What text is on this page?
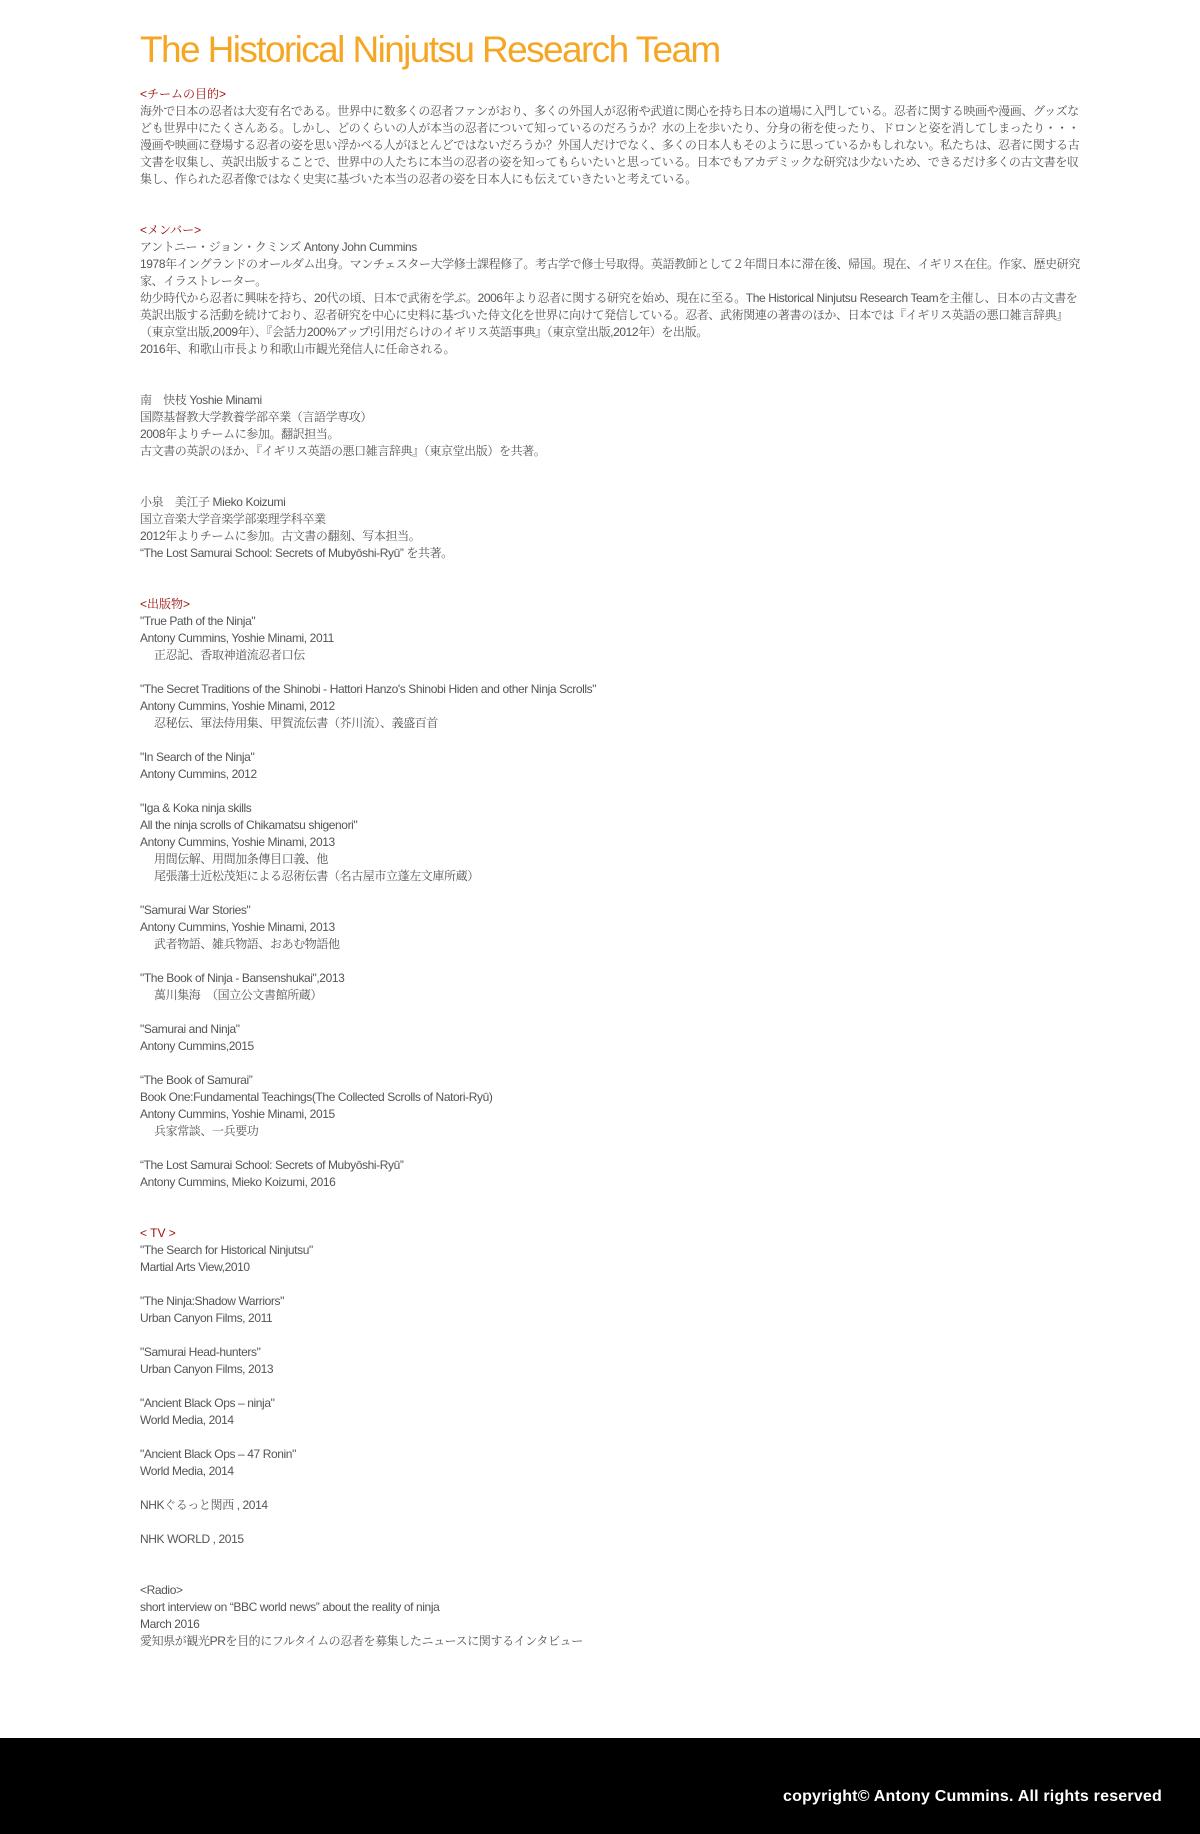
The Historical Ninjutsu Research Team
<チームの目的>

海外で日本の忍者は大変有名である。世界中に数多くの忍者ファンがおり、多くの外国人が忍術や武道に関心を持ち日本の道場に入門している。忍者に関する映画や漫画、グッズなども世界中にたくさんある。しかし、どのくらいの人が本当の忍者について知っているのだろうか？水の上を歩いたり、分身の術を使ったり、ドロンと姿を消してしまったり・・・漫画や映画に登場する忍者の姿を思い浮かべる人がほとんどではないだろうか？外国人だけでなく、多くの日本人もそのように思っているかもしれない。私たちは、忍者に関する古文書を収集し、英訳出版することで、世界中の人たちに本当の忍者の姿を知ってもらいたいと思っている。日本でもアカデミックな研究は少ないため、できるだけ多くの古文書を収集し、作られた忍者像ではなく史実に基づいた本当の忍者の姿を日本人にも伝えていきたいと考えている。

<メンバー>
アントニー・ジョン・クミンズ Antony John Cummins

1978年イングランドのオールダム出身。マンチェスター大学修士課程修了。考古学で修士号取得。英語教師として２年間日本に滞在後、帰国。現在、イギリス在住。作家、歴史研究家、イラストレーター。

幼少時代から忍者に興味を持ち、20代の頃、日本で武術を学ぶ。2006年より忍者に関する研究を始め、現在に至る。The Historical Ninjutsu Research Teamを主催し、日本の古文書を英訳出版する活動を続けており、忍者研究を中心に史料に基づいた侍文化を世界に向けて発信している。忍者、武術関連の著書のほか、日本では『イギリス英語の悪口雑言辞典』（東京堂出版,2009年）、『会話力200%アップ!引用だらけのイギリス英語事典』（東京堂出版,2012年）を出版。

2016年、和歌山市長より和歌山市観光発信人に任命される。

南　快枝 Yoshie Minami
国際基督教大学教養学部卒業（言語学専攻）
2008年よりチームに参加。翻訳担当。
古文書の英訳のほか、『イギリス英語の悪口雑言辞典』（東京堂出版）を共著。
小泉　美江子 Mieko Koizumi
国立音楽大学音楽学部楽理学科卒業
2012年よりチームに参加。古文書の翻刻、写本担当。
“The Lost Samurai School: Secrets of Mubyōshi-Ryū” を共著。
<出版物>
"True Path of the Ninja"
Antony Cummins, Yoshie Minami, 2011
正忍記、香取神道流忍者口伝
"The Secret Traditions of the Shinobi - Hattori Hanzo's Shinobi Hiden and other Ninja Scrolls"
Antony Cummins, Yoshie Minami, 2012
忍秘伝、軍法侍用集、甲賀流伝書（芥川流）、義盛百首
"In Search of the Ninja"
Antony Cummins, 2012
"Iga & Koka ninja skills
All the ninja scrolls of Chikamatsu shigenori"
Antony Cummins, Yoshie Minami, 2013
用間伝解、用間加条傳目口義、他
尾張藩士近松茂矩による忍術伝書（名古屋市立蓬左文庫所蔵）
"Samurai War Stories"
Antony Cummins, Yoshie Minami, 2013
武者物語、雑兵物語、おあむ物語他
"The Book of Ninja - Bansenshukai",2013
萬川集海　（国立公文書館所蔵）
"Samurai and Ninja"
Antony Cummins,2015
“The Book of Samurai”
Book One:Fundamental Teachings(The Collected Scrolls of Natori-Ryū)
Antony Cummins, Yoshie Minami, 2015
兵家常談、一兵要功
“The Lost Samurai School: Secrets of Mubyōshi-Ryū”
Antony Cummins, Mieko Koizumi, 2016
< TV >
"The Search for Historical Ninjutsu"
Martial Arts View,2010
"The Ninja:Shadow Warriors"
Urban Canyon Films, 2011
"Samurai Head-hunters"
Urban Canyon Films, 2013
"Ancient Black Ops – ninja"
World Media, 2014
"Ancient Black Ops – 47 Ronin"
World Media, 2014
NHKぐるっと関西 , 2014
NHK WORLD , 2015
<Radio>
short interview on “BBC world news” about the reality of ninja
March 2016
愛知県が観光PRを目的にフルタイムの忍者を募集したニュースに関するインタビュー
copyright© Antony Cummins. All rights reserved
